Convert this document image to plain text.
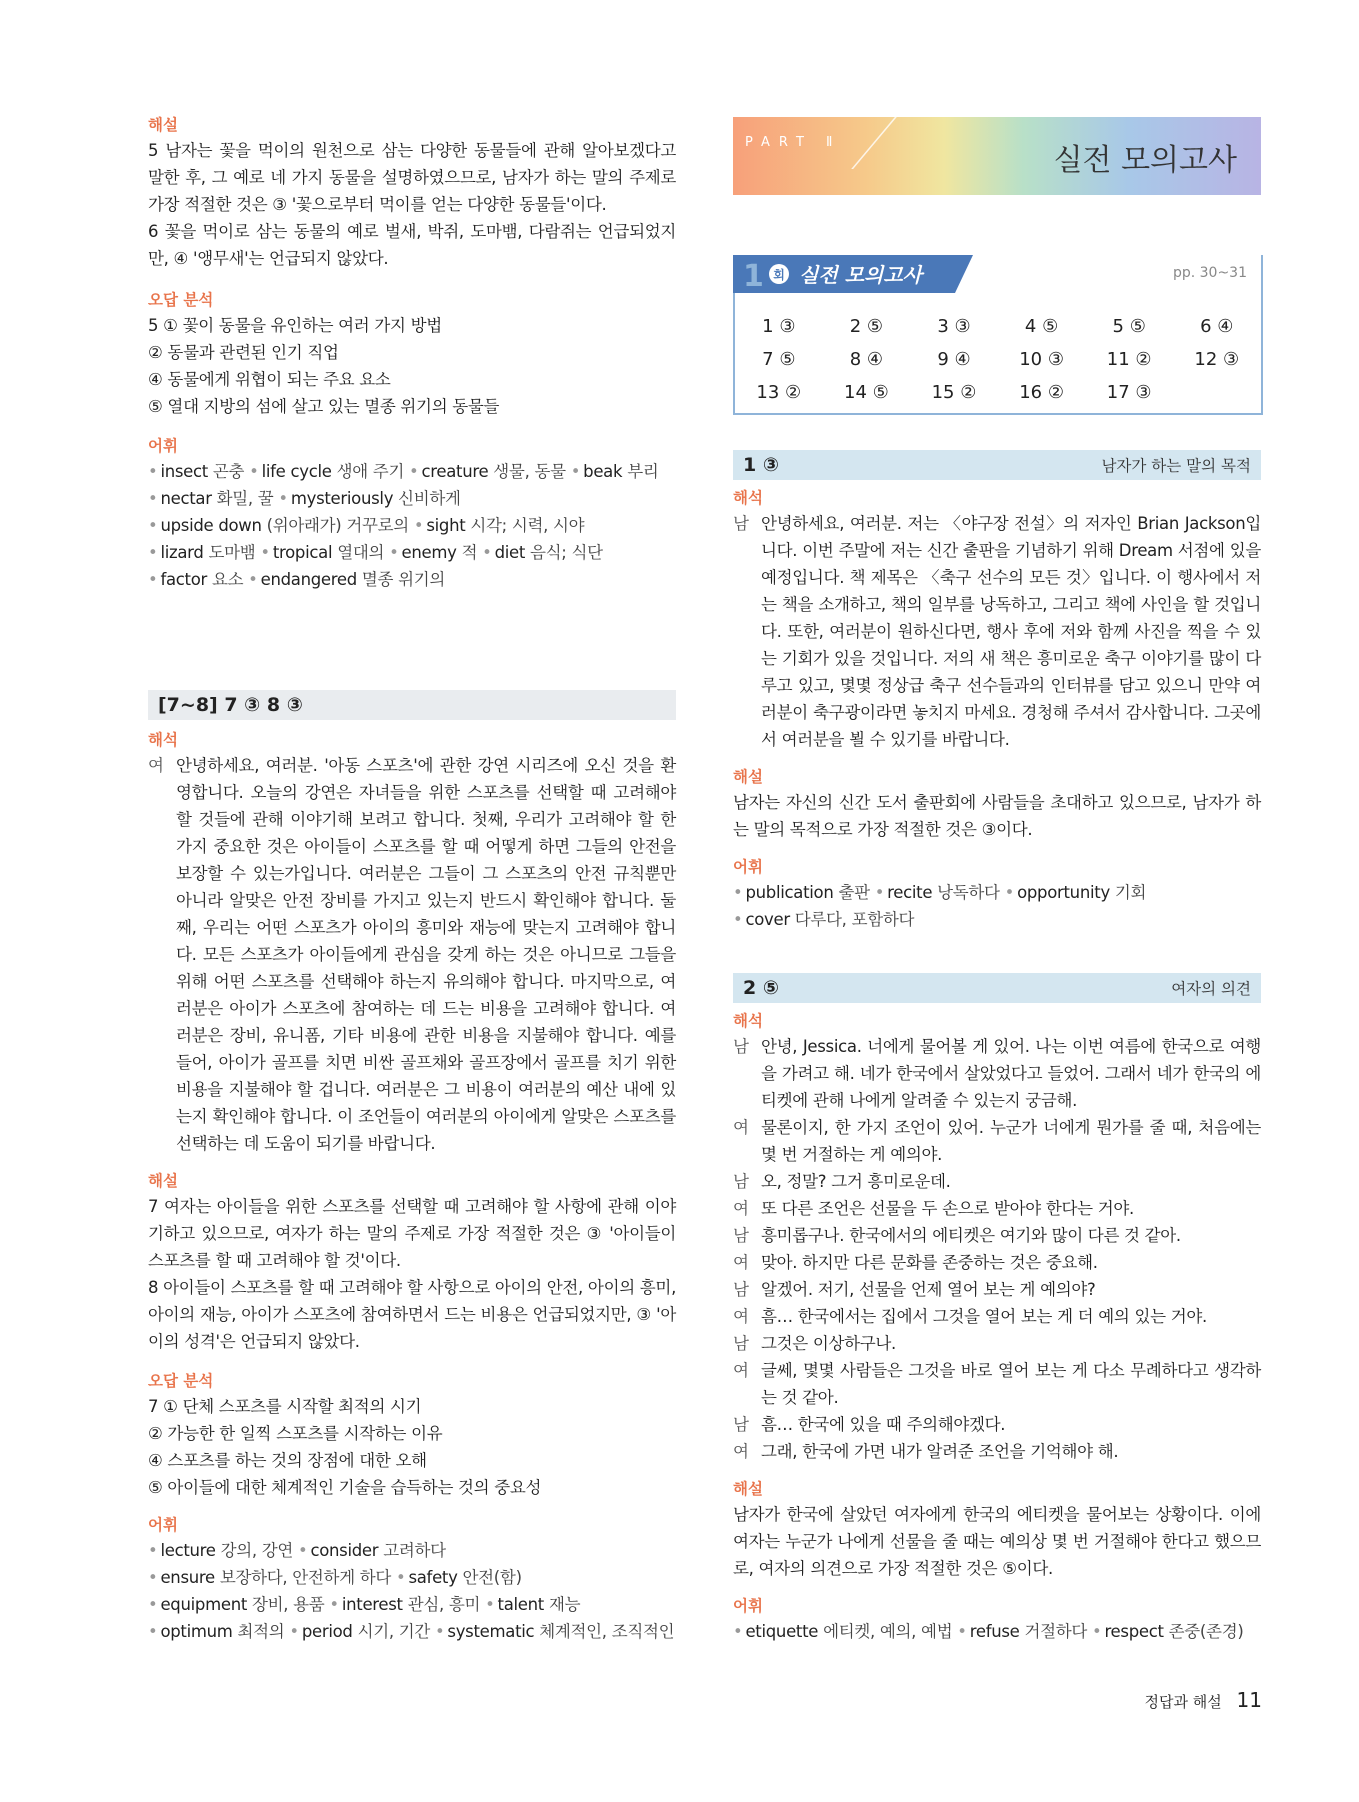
해설

5 남자는 꽃을 먹이의 원천으로 삼는 다양한 동물들에 관해 알아보겠다고 말한 후, 그 예로 네 가지 동물을 설명하였으므로, 남자가 하는 말의 주제로 가장 적절한 것은 ③ '꽃으로부터 먹이를 얻는 다양한 동물들'이다.

6 꽃을 먹이로 삼는 동물의 예로 벌새, 박쥐, 도마뱀, 다람쥐는 언급되었지만, ④ '앵무새'는 언급되지 않았다.

오답 분석

5 ① 꽃이 동물을 유인하는 여러 가지 방법

② 동물과 관련된 인기 직업

④ 동물에게 위협이 되는 주요 요소

⑤ 열대 지방의 섬에 살고 있는 멸종 위기의 동물들

어휘

• insect 곤충 • life cycle 생애 주기 • creature 생물, 동물 • beak 부리 • nectar 화밀, 꿀 • mysteriously 신비하게 • upside down (위아래가) 거꾸로의 • sight 시각; 시력, 시야 • lizard 도마뱀 • tropical 열대의 • enemy 적 • diet 음식; 식단 • factor 요소 • endangered 멸종 위기의

[7~8] 7 ③ 8 ③
해석
여 안녕하세요, 여러분. '아동 스포츠'에 관한 강연 시리즈에 오신 것을 환영합니다. 오늘의 강연은 자녀들을 위한 스포츠를 선택할 때 고려해야 할 것들에 관해 이야기해 보려고 합니다. 첫째, 우리가 고려해야 할 한 가지 중요한 것은 아이들이 스포츠를 할 때 어떻게 하면 그들의 안전을 보장할 수 있는가입니다. 여러분은 그들이 그 스포츠의 안전 규칙뿐만 아니라 알맞은 안전 장비를 가지고 있는지 반드시 확인해야 합니다. 둘째, 우리는 어떤 스포츠가 아이의 흥미와 재능에 맞는지 고려해야 합니다. 모든 스포츠가 아이들에게 관심을 갖게 하는 것은 아니므로 그들을 위해 어떤 스포츠를 선택해야 하는지 유의해야 합니다. 마지막으로, 여러분은 아이가 스포츠에 참여하는 데 드는 비용을 고려해야 합니다. 여러분은 장비, 유니폼, 기타 비용에 관한 비용을 지불해야 합니다. 예를 들어, 아이가 골프를 치면 비싼 골프채와 골프장에서 골프를 치기 위한 비용을 지불해야 할 겁니다. 여러분은 그 비용이 여러분의 예산 내에 있는지 확인해야 합니다. 이 조언들이 여러분의 아이에게 알맞은 스포츠를 선택하는 데 도움이 되기를 바랍니다.
해설

7 여자는 아이들을 위한 스포츠를 선택할 때 고려해야 할 사항에 관해 이야기하고 있으므로, 여자가 하는 말의 주제로 가장 적절한 것은 ③ '아이들이 스포츠를 할 때 고려해야 할 것'이다.

8 아이들이 스포츠를 할 때 고려해야 할 사항으로 아이의 안전, 아이의 흥미, 아이의 재능, 아이가 스포츠에 참여하면서 드는 비용은 언급되었지만, ③ '아이의 성격'은 언급되지 않았다.

오답 분석

7 ① 단체 스포츠를 시작할 최적의 시기

② 가능한 한 일찍 스포츠를 시작하는 이유

④ 스포츠를 하는 것의 장점에 대한 오해

⑤ 아이들에 대한 체계적인 기술을 습득하는 것의 중요성

어휘

• lecture 강의, 강연 • consider 고려하다 • ensure 보장하다, 안전하게 하다 • safety 안전(함) • equipment 장비, 용품 • interest 관심, 흥미 • talent 재능 • optimum 최적의 • period 시기, 기간 • systematic 체계적인, 조직적인

PART Ⅱ
실전 모의고사
1 회 실전 모의고사	pp. 30~31
1 ③	2 ⑤	3 ③	4 ⑤	5 ⑤	6 ④
7 ⑤	8 ④	9 ④	10 ③	11 ②	12 ③
13 ②	14 ⑤	15 ②	16 ②	17 ③
1 ③	남자가 하는 말의 목적
해석
남 안녕하세요, 여러분. 저는 〈야구장 전설〉의 저자인 Brian Jackson입니다. 이번 주말에 저는 신간 출판을 기념하기 위해 Dream 서점에 있을 예정입니다. 책 제목은 〈축구 선수의 모든 것〉입니다. 이 행사에서 저는 책을 소개하고, 책의 일부를 낭독하고, 그리고 책에 사인을 할 것입니다. 또한, 여러분이 원하신다면, 행사 후에 저와 함께 사진을 찍을 수 있는 기회가 있을 것입니다. 저의 새 책은 흥미로운 축구 이야기를 많이 다루고 있고, 몇몇 정상급 축구 선수들과의 인터뷰를 담고 있으니 만약 여러분이 축구광이라면 놓치지 마세요. 경청해 주셔서 감사합니다. 그곳에서 여러분을 뵐 수 있기를 바랍니다.
해설

남자는 자신의 신간 도서 출판회에 사람들을 초대하고 있으므로, 남자가 하는 말의 목적으로 가장 적절한 것은 ③이다.

어휘

• publication 출판 • recite 낭독하다 • opportunity 기회 • cover 다루다, 포함하다

2 ⑤	여자의 의견
해석
남 안녕, Jessica. 너에게 물어볼 게 있어. 나는 이번 여름에 한국으로 여행을 가려고 해. 네가 한국에서 살았었다고 들었어. 그래서 네가 한국의 에티켓에 관해 나에게 알려줄 수 있는지 궁금해.
여 물론이지, 한 가지 조언이 있어. 누군가 너에게 뭔가를 줄 때, 처음에는 몇 번 거절하는 게 예의야.
남 오, 정말? 그거 흥미로운데.
여 또 다른 조언은 선물을 두 손으로 받아야 한다는 거야.
남 흥미롭구나. 한국에서의 에티켓은 여기와 많이 다른 것 같아.
여 맞아. 하지만 다른 문화를 존중하는 것은 중요해.
남 알겠어. 저기, 선물을 언제 열어 보는 게 예의야?
여 흠… 한국에서는 집에서 그것을 열어 보는 게 더 예의 있는 거야.
남 그것은 이상하구나.
여 글쎄, 몇몇 사람들은 그것을 바로 열어 보는 게 다소 무례하다고 생각하는 것 같아.
남 흠… 한국에 있을 때 주의해야겠다.
여 그래, 한국에 가면 내가 알려준 조언을 기억해야 해.
해설

남자가 한국에 살았던 여자에게 한국의 에티켓을 물어보는 상황이다. 이에 여자는 누군가 나에게 선물을 줄 때는 예의상 몇 번 거절해야 한다고 했으므로, 여자의 의견으로 가장 적절한 것은 ⑤이다.

어휘

• etiquette 에티켓, 예의, 예법 • refuse 거절하다 • respect 존중(존경)

정답과 해설 11
